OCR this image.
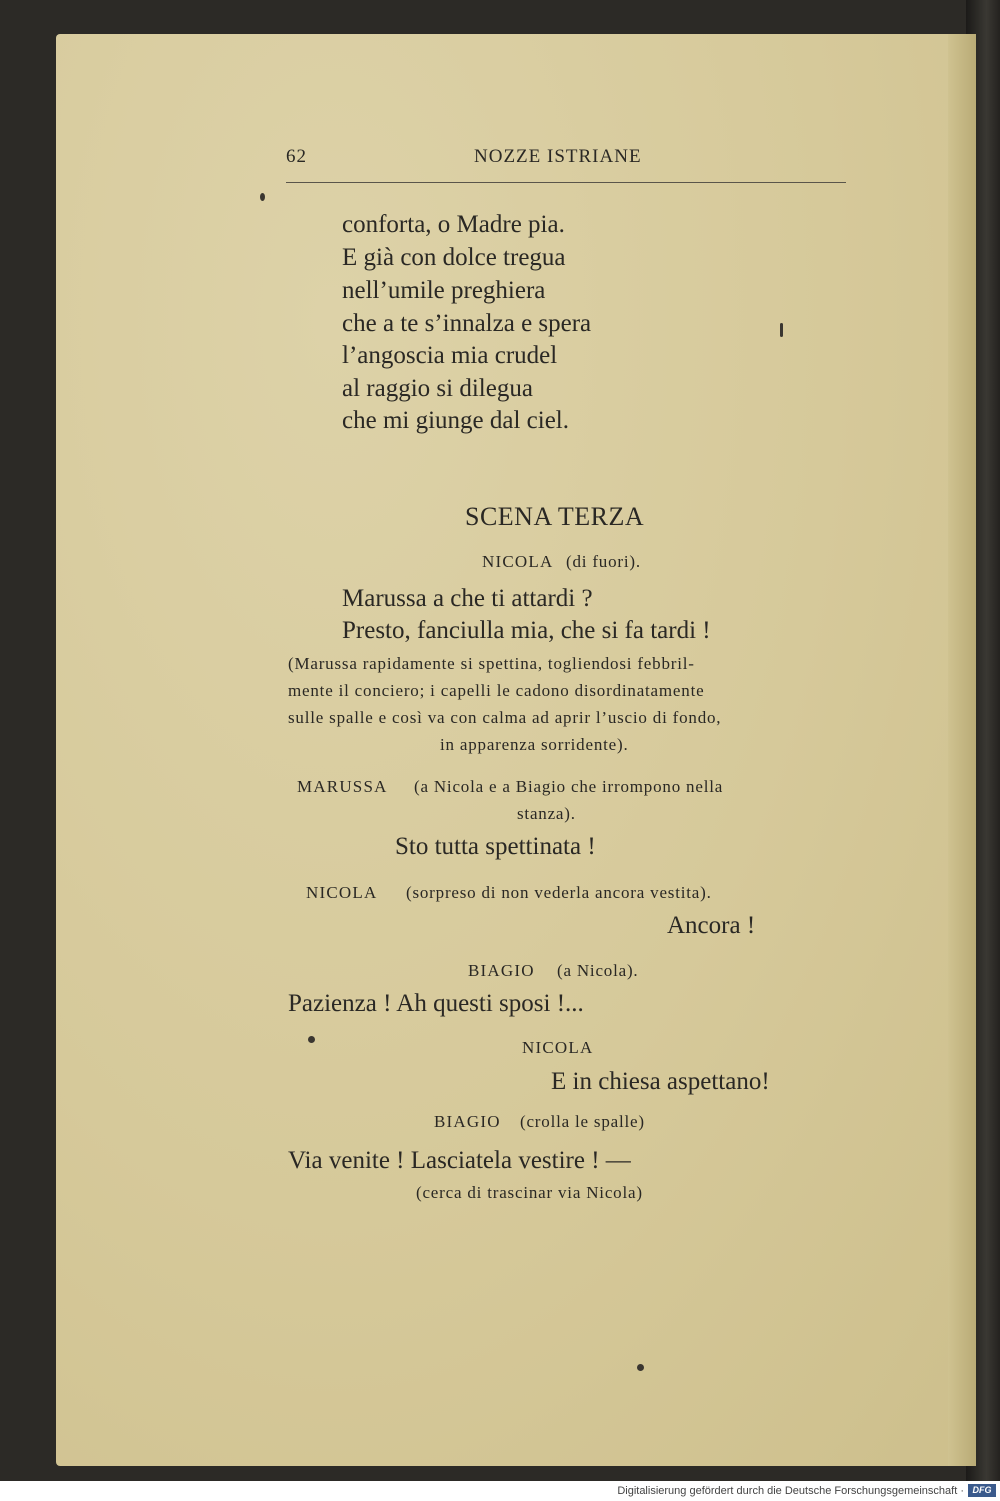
62	NOZZE ISTRIANE
conforta, o Madre pia.
E già con dolce tregua
nell’umile preghiera
che a te s’innalza e spera
l’angoscia mia crudel
al raggio si dilegua
che mi giunge dal ciel.
SCENA TERZA
NICOLA (di fuori).
Marussa a che ti attardi ?
Presto, fanciulla mia, che si fa tardi !
(Marussa rapidamente si spettina, togliendosi febbril-
mente il conciero; i capelli le cadono disordinatamente
sulle spalle e così va con calma ad aprir l’uscio di fondo,
in apparenza sorridente).
MARUSSA (a Nicola e a Biagio che irrompono nella
stanza).
Sto tutta spettinata !
NICOLA (sorpreso di non vederla ancora vestita).
Ancora !
BIAGIO (a Nicola).
Pazienza ! Ah questi sposi !...
NICOLA
E in chiesa aspettano!
BIAGIO (crolla le spalle)
Via venite ! Lasciatela vestire ! —
(cerca di trascinar via Nicola)
Digitalisierung gefördert durch die Deutsche Forschungsgemeinschaft · DFG
